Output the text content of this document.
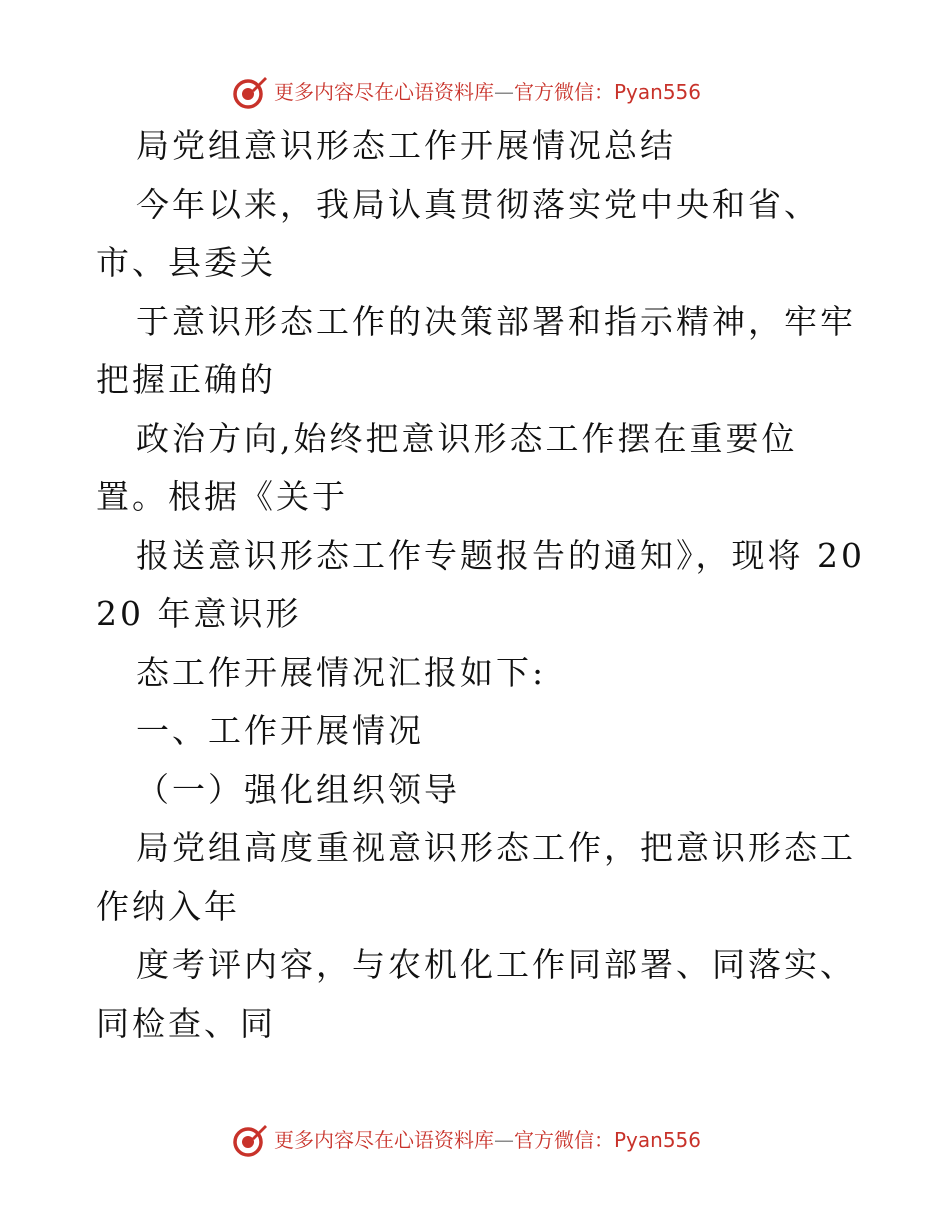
更多内容尽在心语资料库—官方微信：Pyan556

局党组意识形态工作开展情况总结

今年以来，我局认真贯彻落实党中央和省、市、县委关

于意识形态工作的决策部署和指示精神，牢牢把握正确的

政治方向,始终把意识形态工作摆在重要位置。根据《关于

报送意识形态工作专题报告的通知》，现将 2020 年意识形

态工作开展情况汇报如下:

一、工作开展情况

（一）强化组织领导

局党组高度重视意识形态工作，把意识形态工作纳入年

度考评内容，与农机化工作同部署、同落实、同检查、同

更多内容尽在心语资料库—官方微信：Pyan556
